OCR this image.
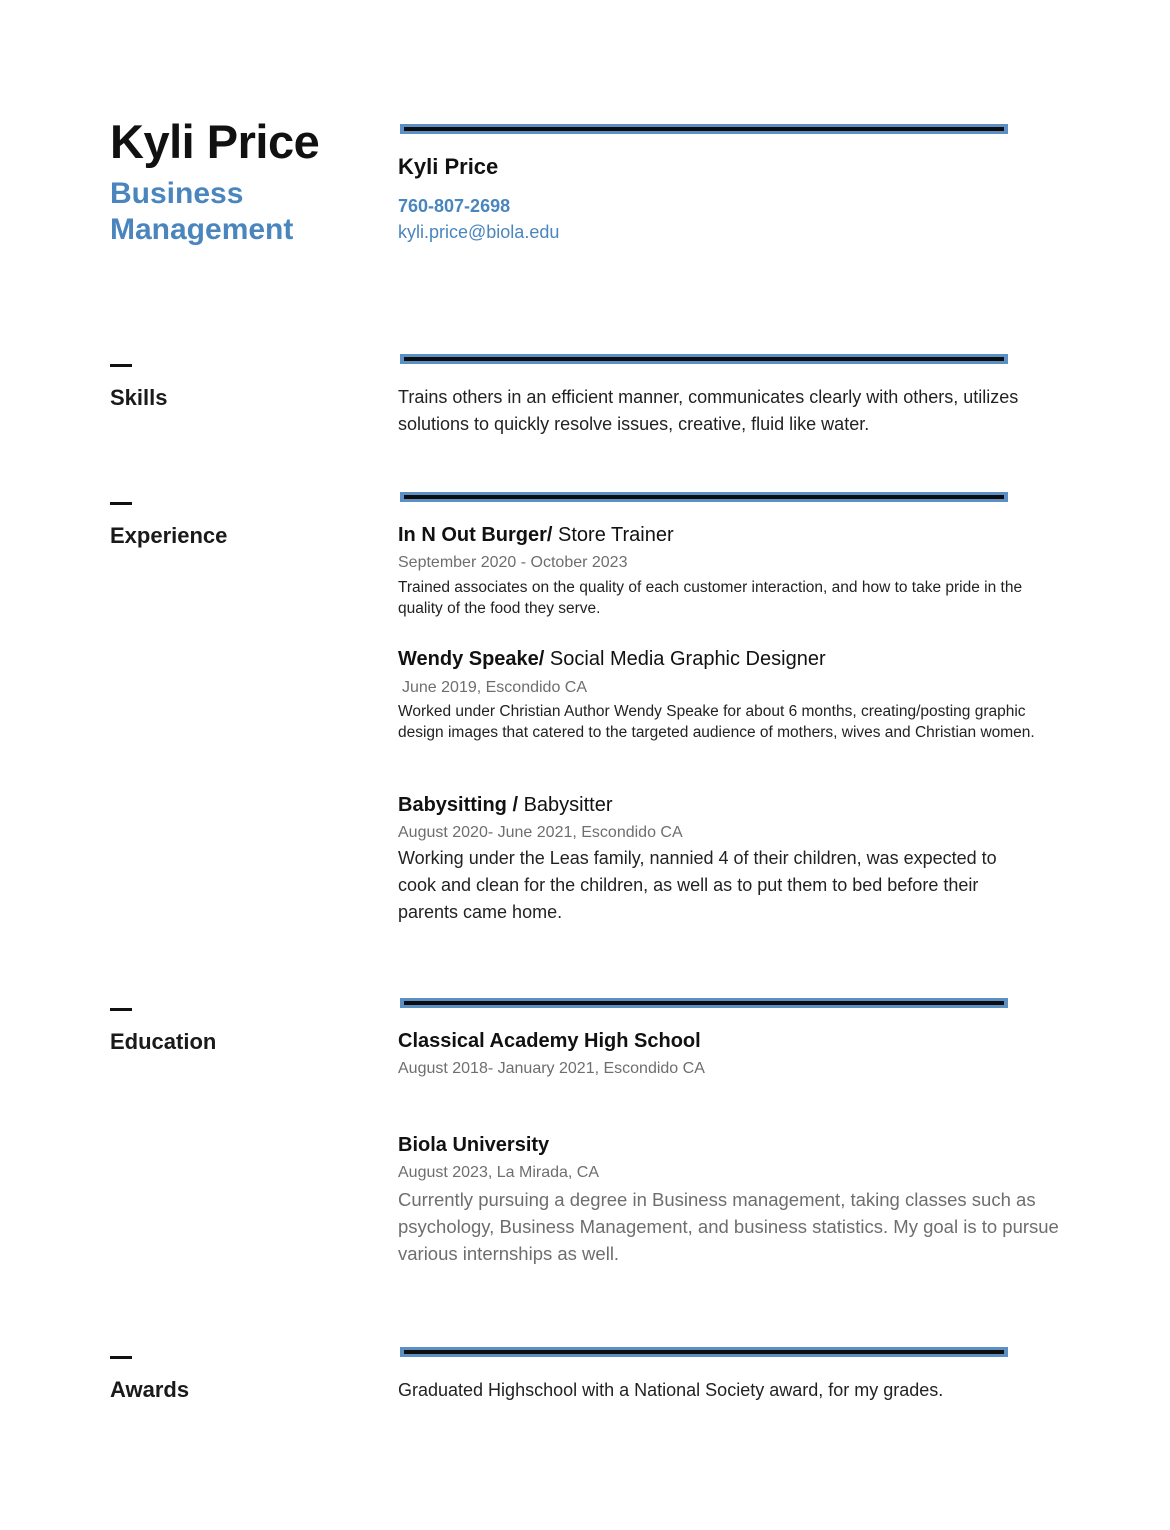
Kyli Price
Business Management
Kyli Price
760-807-2698
kyli.price@biola.edu
Skills	Trains others in an efficient manner, communicates clearly with others, utilizes solutions to quickly resolve issues, creative, fluid like water.
Experience	In N Out Burger/ Store Trainer
September 2020 - October 2023
Trained associates on the quality of each customer interaction, and how to take pride in the quality of the food they serve.
Wendy Speake/ Social Media Graphic Designer
June 2019, Escondido CA
Worked under Christian Author Wendy Speake for about 6 months, creating/posting graphic design images that catered to the targeted audience of mothers, wives and Christian women.
Babysitting / Babysitter
August 2020- June 2021, Escondido CA
Working under the Leas family, nannied 4 of their children, was expected to cook and clean for the children, as well as to put them to bed before their parents came home.
Education	Classical Academy High School
August 2018- January 2021, Escondido CA
Biola University
August 2023, La Mirada, CA
Currently pursuing a degree in Business management, taking classes such as psychology, Business Management, and business statistics. My goal is to pursue various internships as well.
Awards	Graduated Highschool with a National Society award, for my grades.
